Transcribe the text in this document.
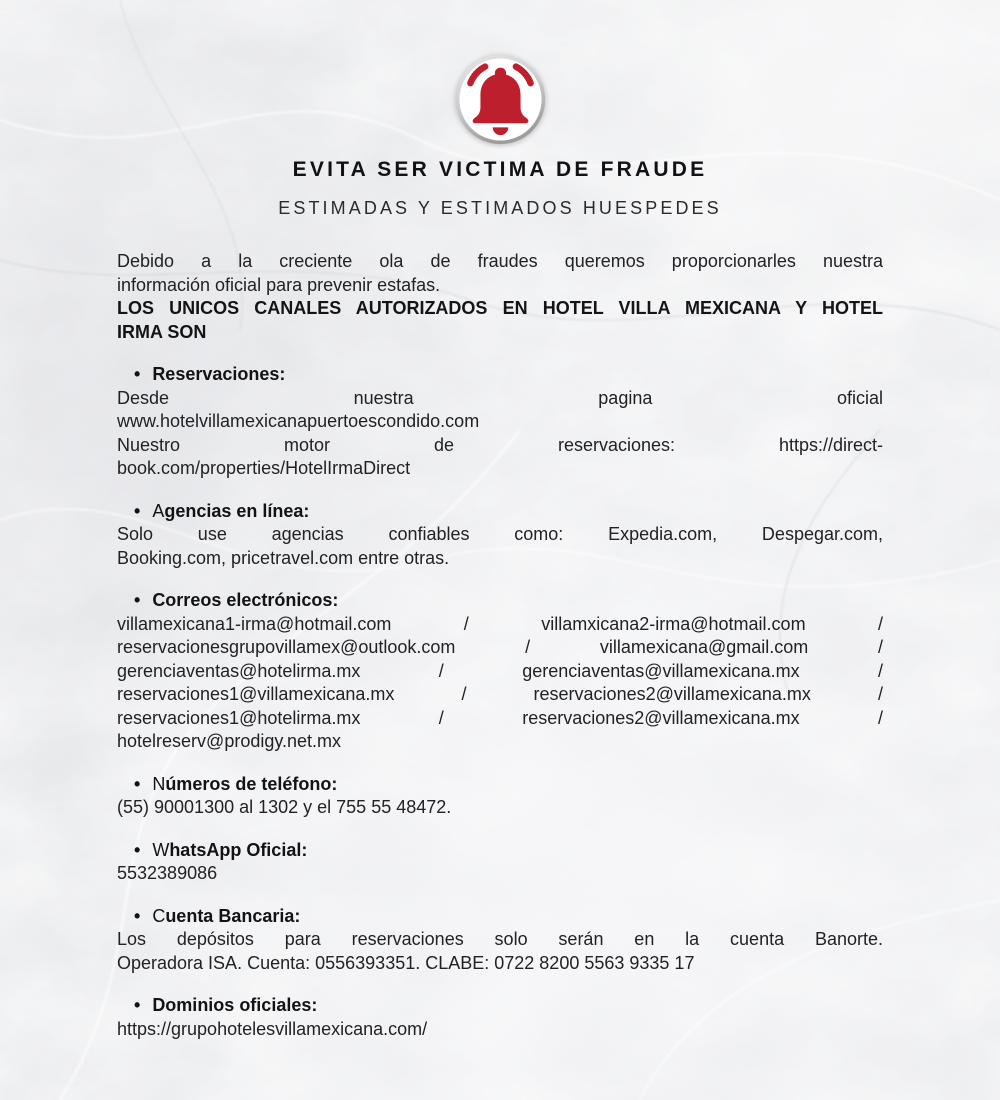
EVITA SER VICTIMA DE FRAUDE
ESTIMADAS Y ESTIMADOS HUESPEDES
Debido a la creciente ola de fraudes queremos proporcionarles nuestra
información oficial para prevenir estafas.
LOS UNICOS CANALES AUTORIZADOS EN HOTEL VILLA MEXICANA Y HOTEL
IRMA SON
• Reservaciones:
Desde nuestra pagina oficial
www.hotelvillamexicanapuertoescondido.com
Nuestro motor de reservaciones: https://direct-
book.com/properties/HotelIrmaDirect
• Agencias en línea:
Solo use agencias confiables como: Expedia.com, Despegar.com,
Booking.com, pricetravel.com entre otras.
• Correos electrónicos:
villamexicana1-irma@hotmail.com / villamxicana2-irma@hotmail.com /
reservacionesgrupovillamex@outlook.com / villamexicana@gmail.com /
gerenciaventas@hotelirma.mx / gerenciaventas@villamexicana.mx /
reservaciones1@villamexicana.mx / reservaciones2@villamexicana.mx /
reservaciones1@hotelirma.mx / reservaciones2@villamexicana.mx /
hotelreserv@prodigy.net.mx
• Números de teléfono:
(55) 90001300 al 1302 y el 755 55 48472.
• WhatsApp Oficial:
5532389086
• Cuenta Bancaria:
Los depósitos para reservaciones solo serán en la cuenta Banorte.
Operadora ISA. Cuenta: 0556393351. CLABE: 0722 8200 5563 9335 17
• Dominios oficiales:
https://grupohotelesvillamexicana.com/
